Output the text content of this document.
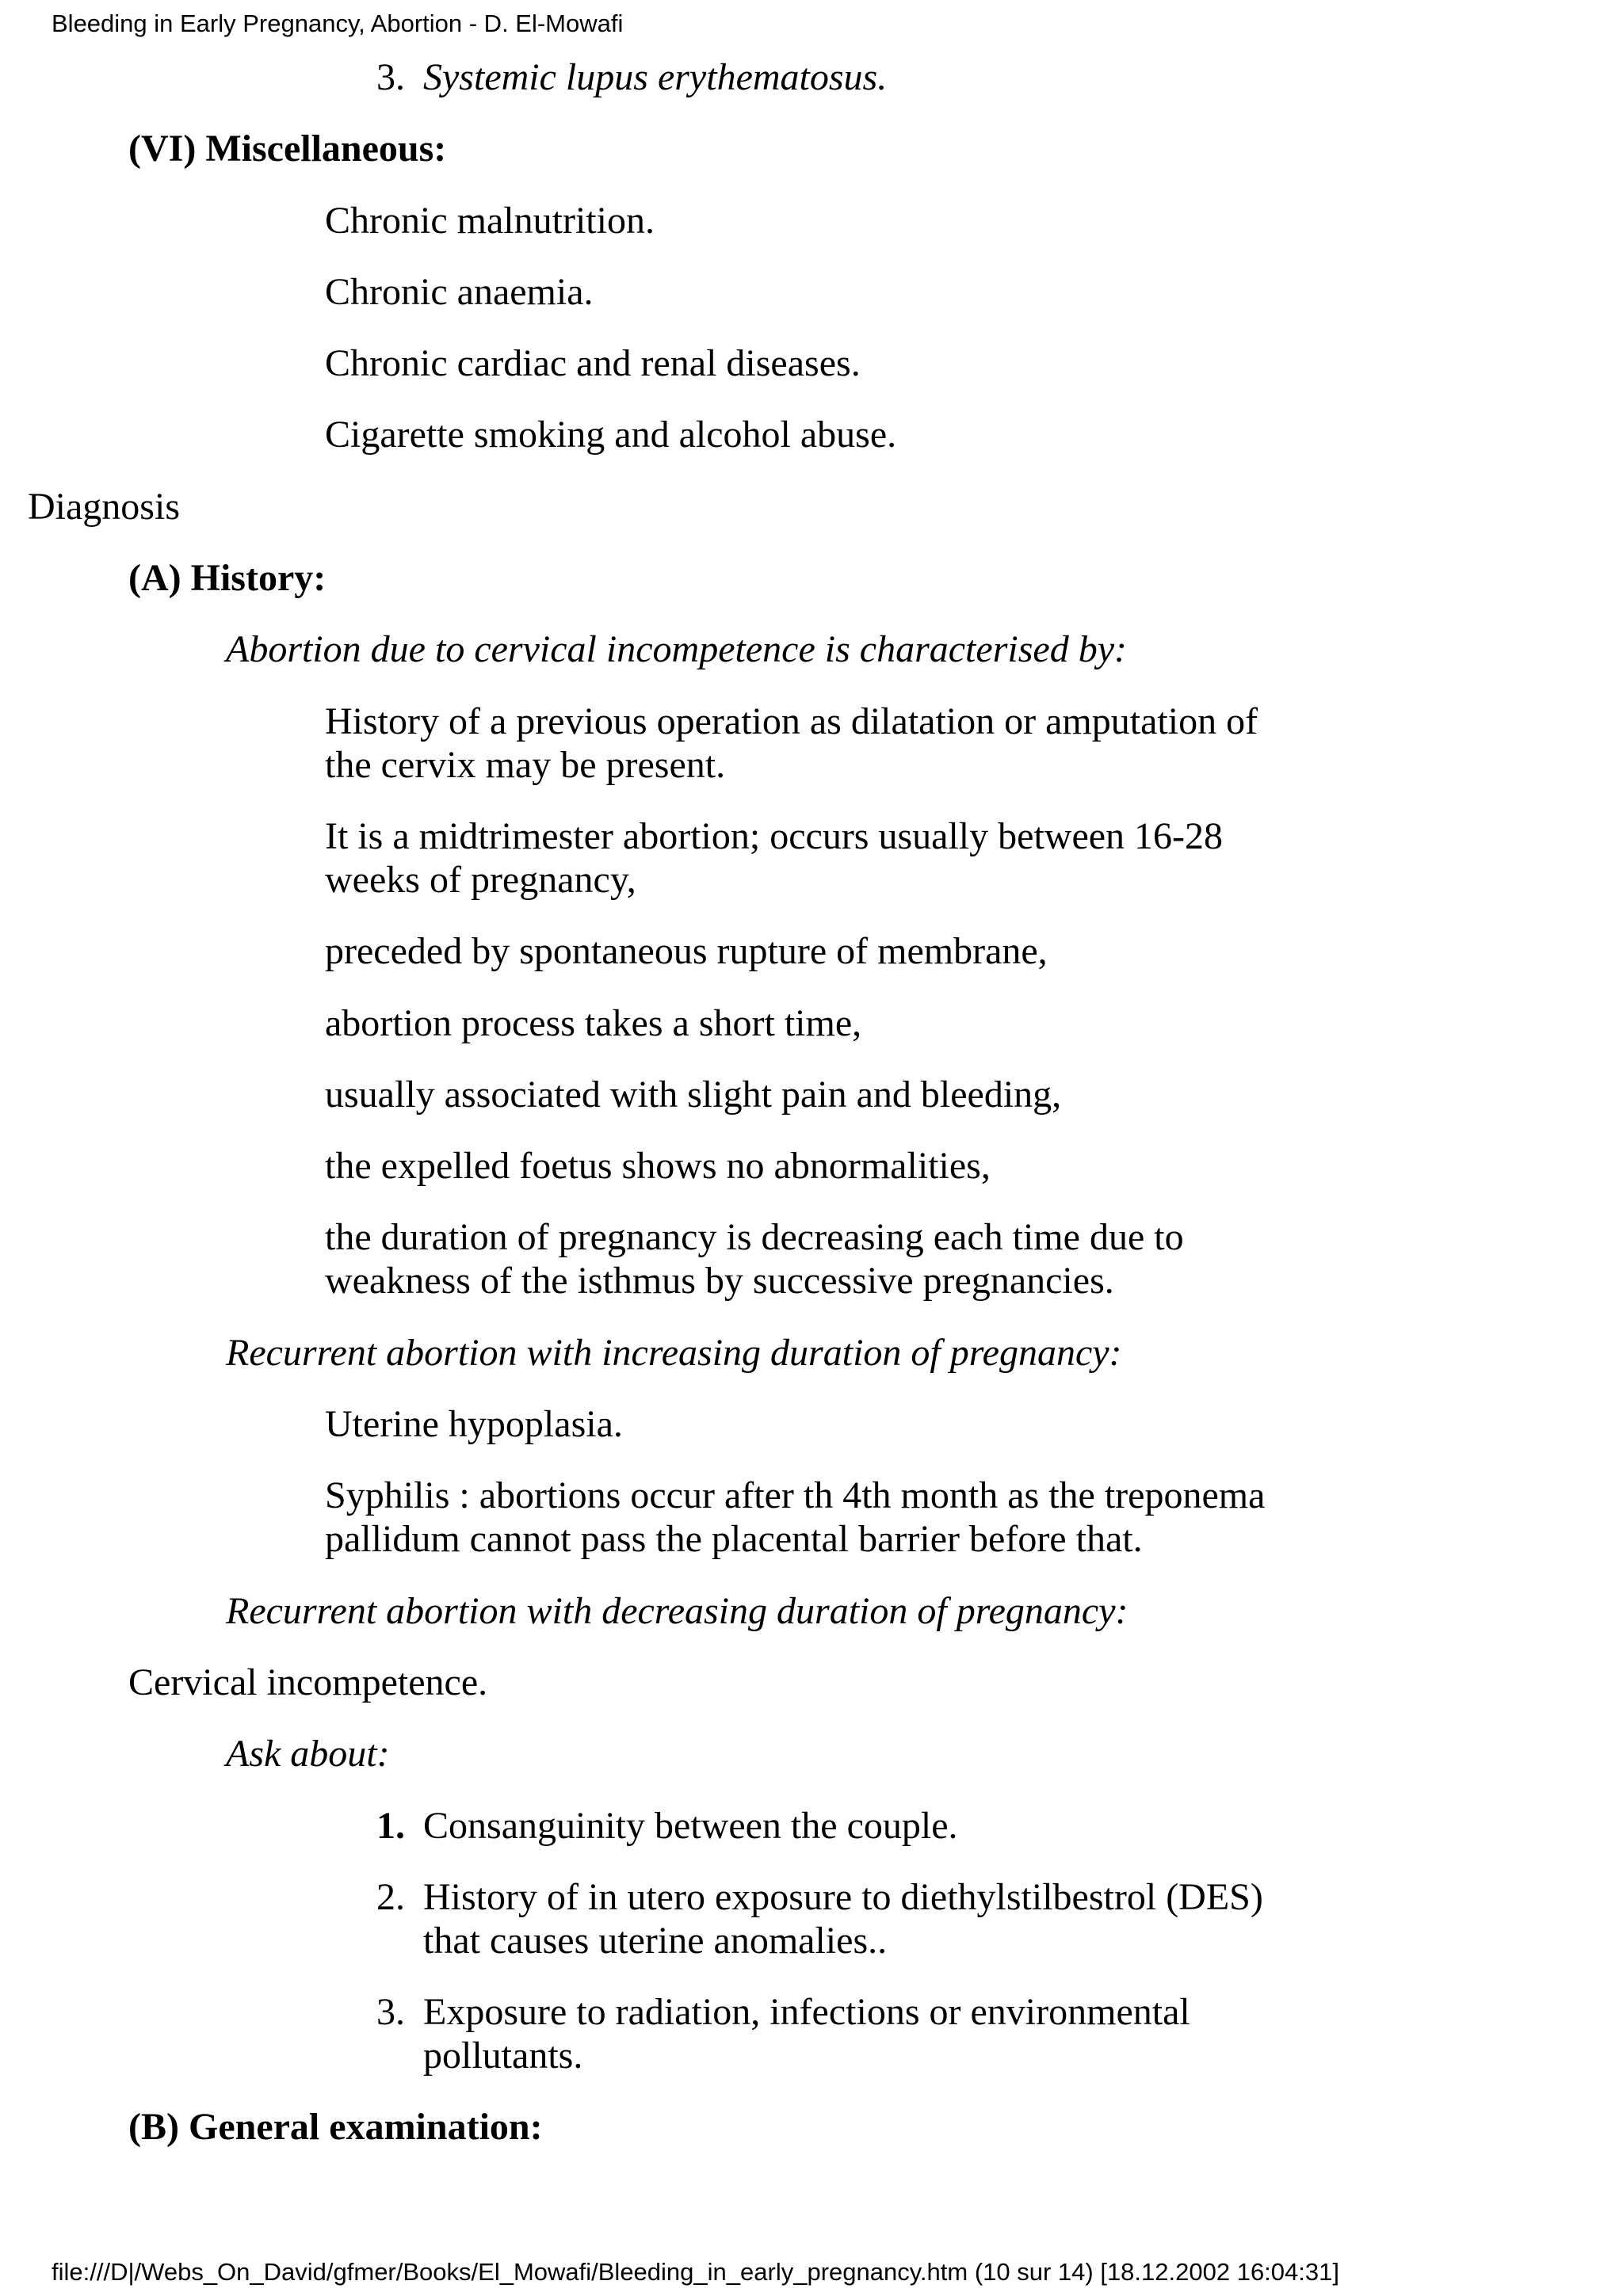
Bleeding in Early Pregnancy, Abortion - D. El-Mowafi
3. Systemic lupus erythematosus.
(VI) Miscellaneous:
Chronic malnutrition.
Chronic anaemia.
Chronic cardiac and renal diseases.
Cigarette smoking and alcohol abuse.
Diagnosis
(A) History:
Abortion due to cervical incompetence is characterised by:
History of a previous operation as dilatation or amputation of the cervix may be present.
It is a midtrimester abortion; occurs usually between 16-28 weeks of pregnancy,
preceded by spontaneous rupture of membrane,
abortion process takes a short time,
usually associated with slight pain and bleeding,
the expelled foetus shows no abnormalities,
the duration of pregnancy is decreasing each time due to weakness of the isthmus by successive pregnancies.
Recurrent abortion with increasing duration of pregnancy:
Uterine hypoplasia.
Syphilis : abortions occur after th 4th month as the treponema pallidum cannot pass the placental barrier before that.
Recurrent abortion with decreasing duration of pregnancy:
Cervical incompetence.
Ask about:
1. Consanguinity between the couple.
2. History of in utero exposure to diethylstilbestrol (DES) that causes uterine anomalies..
3. Exposure to radiation, infections or environmental pollutants.
(B) General examination:
file:///D|/Webs_On_David/gfmer/Books/El_Mowafi/Bleeding_in_early_pregnancy.htm (10 sur 14) [18.12.2002 16:04:31]
